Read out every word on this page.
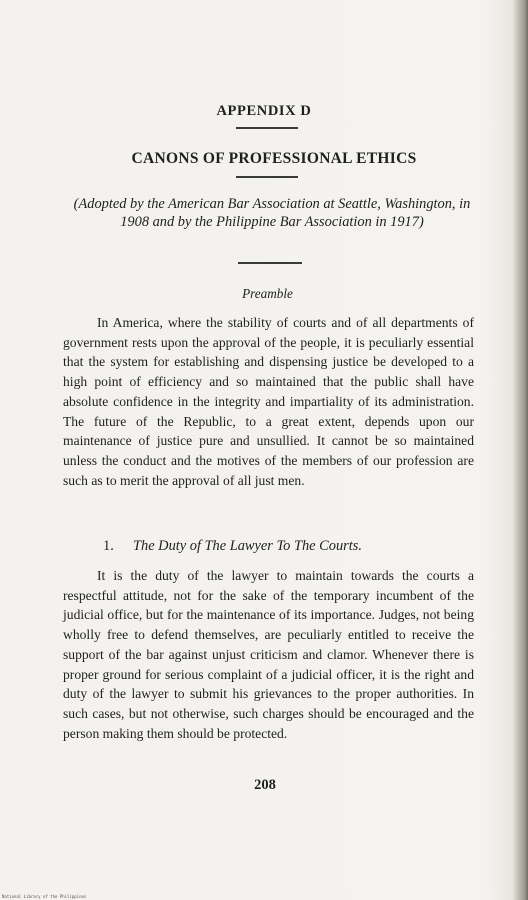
APPENDIX D
CANONS OF PROFESSIONAL ETHICS
(Adopted by the American Bar Association at Seattle, Washington, in 1908 and by the Philippine Bar Association in 1917)
Preamble
In America, where the stability of courts and of all departments of government rests upon the approval of the people, it is peculiarly essential that the system for establishing and dispensing justice be developed to a high point of efficiency and so maintained that the public shall have absolute confidence in the integrity and impartiality of its administration. The future of the Republic, to a great extent, depends upon our maintenance of justice pure and unsullied. It cannot be so maintained unless the conduct and the motives of the members of our profession are such as to merit the approval of all just men.
1. The Duty of The Lawyer To The Courts.
It is the duty of the lawyer to maintain towards the courts a respectful attitude, not for the sake of the temporary incumbent of the judicial office, but for the maintenance of its importance. Judges, not being wholly free to defend themselves, are peculiarly entitled to receive the support of the bar against unjust criticism and clamor. Whenever there is proper ground for serious complaint of a judicial officer, it is the right and duty of the lawyer to submit his grievances to the proper authorities. In such cases, but not otherwise, such charges should be encouraged and the person making them should be protected.
208
National Library of the Philippines
